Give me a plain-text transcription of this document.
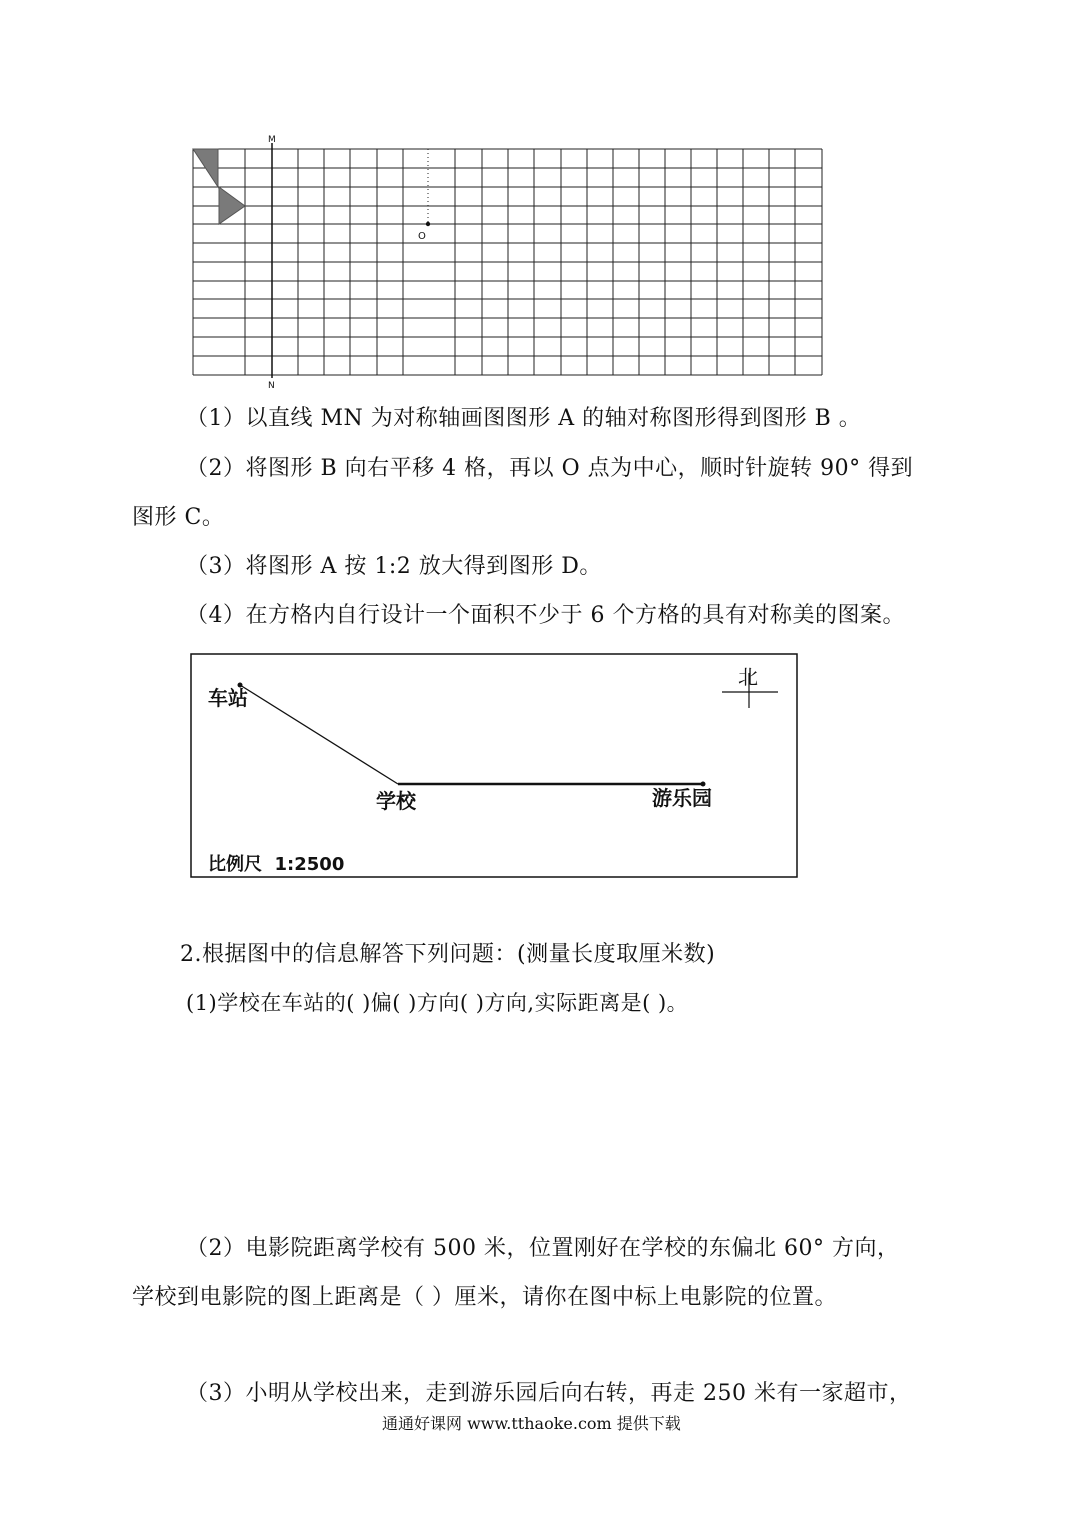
M
N
O
（1）以直线 MN 为对称轴画图图形 A 的轴对称图形得到图形 B 。
（2）将图形 B 向右平移 4 格，再以 O 点为中心，顺时针旋转 90° 得到
图形 C。
（3）将图形 A 按 1:2 放大得到图形 D。
（4）在方格内自行设计一个面积不少于 6 个方格的具有对称美的图案。
北
车站
学校	游乐园
比例尺  1:2500
2.根据图中的信息解答下列问题：(测量长度取厘米数)
(1)学校在车站的( )偏( )方向( )方向,实际距离是( )。
（2）电影院距离学校有 500 米，位置刚好在学校的东偏北 60° 方向，
学校到电影院的图上距离是（ ）厘米，请你在图中标上电影院的位置。
（3）小明从学校出来，走到游乐园后向右转，再走 250 米有一家超市，
通通好课网 www.tthaoke.com 提供下载
